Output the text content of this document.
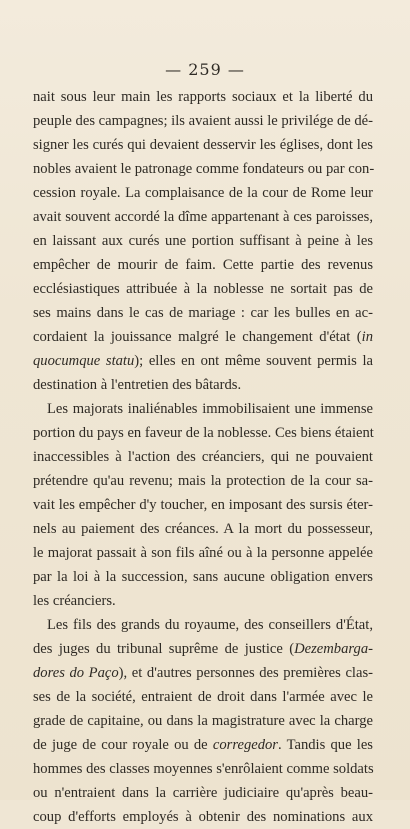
— 259 —
nait sous leur main les rapports sociaux et la liberté du
peuple des campagnes; ils avaient aussi le privilége de dé-
signer les curés qui devaient desservir les églises, dont les
nobles avaient le patronage comme fondateurs ou par con-
cession royale. La complaisance de la cour de Rome leur
avait souvent accordé la dîme appartenant à ces paroisses,
en laissant aux curés une portion suffisant à peine à les
empêcher de mourir de faim. Cette partie des revenus
ecclésiastiques attribuée à la noblesse ne sortait pas de
ses mains dans le cas de mariage : car les bulles en ac-
cordaient la jouissance malgré le changement d'état (in
quocumque statu); elles en ont même souvent permis la
destination à l'entretien des bâtards.
Les majorats inaliénables immobilisaient une immense
portion du pays en faveur de la noblesse. Ces biens étaient
inaccessibles à l'action des créanciers, qui ne pouvaient
prétendre qu'au revenu; mais la protection de la cour sa-
vait les empêcher d'y toucher, en imposant des sursis éter-
nels au paiement des créances. A la mort du possesseur,
le majorat passait à son fils aîné ou à la personne appelée
par la loi à la succession, sans aucune obligation envers
les créanciers.
Les fils des grands du royaume, des conseillers d'État,
des juges du tribunal suprême de justice (Dezembarga-
dores do Paço), et d'autres personnes des premières clas-
ses de la société, entraient de droit dans l'armée avec le
grade de capitaine, ou dans la magistrature avec la charge
de juge de cour royale ou de corregedor. Tandis que les
hommes des classes moyennes s'enrôlaient comme soldats
ou n'entraient dans la carrière judiciaire qu'après beau-
coup d'efforts employés à obtenir des nominations aux
